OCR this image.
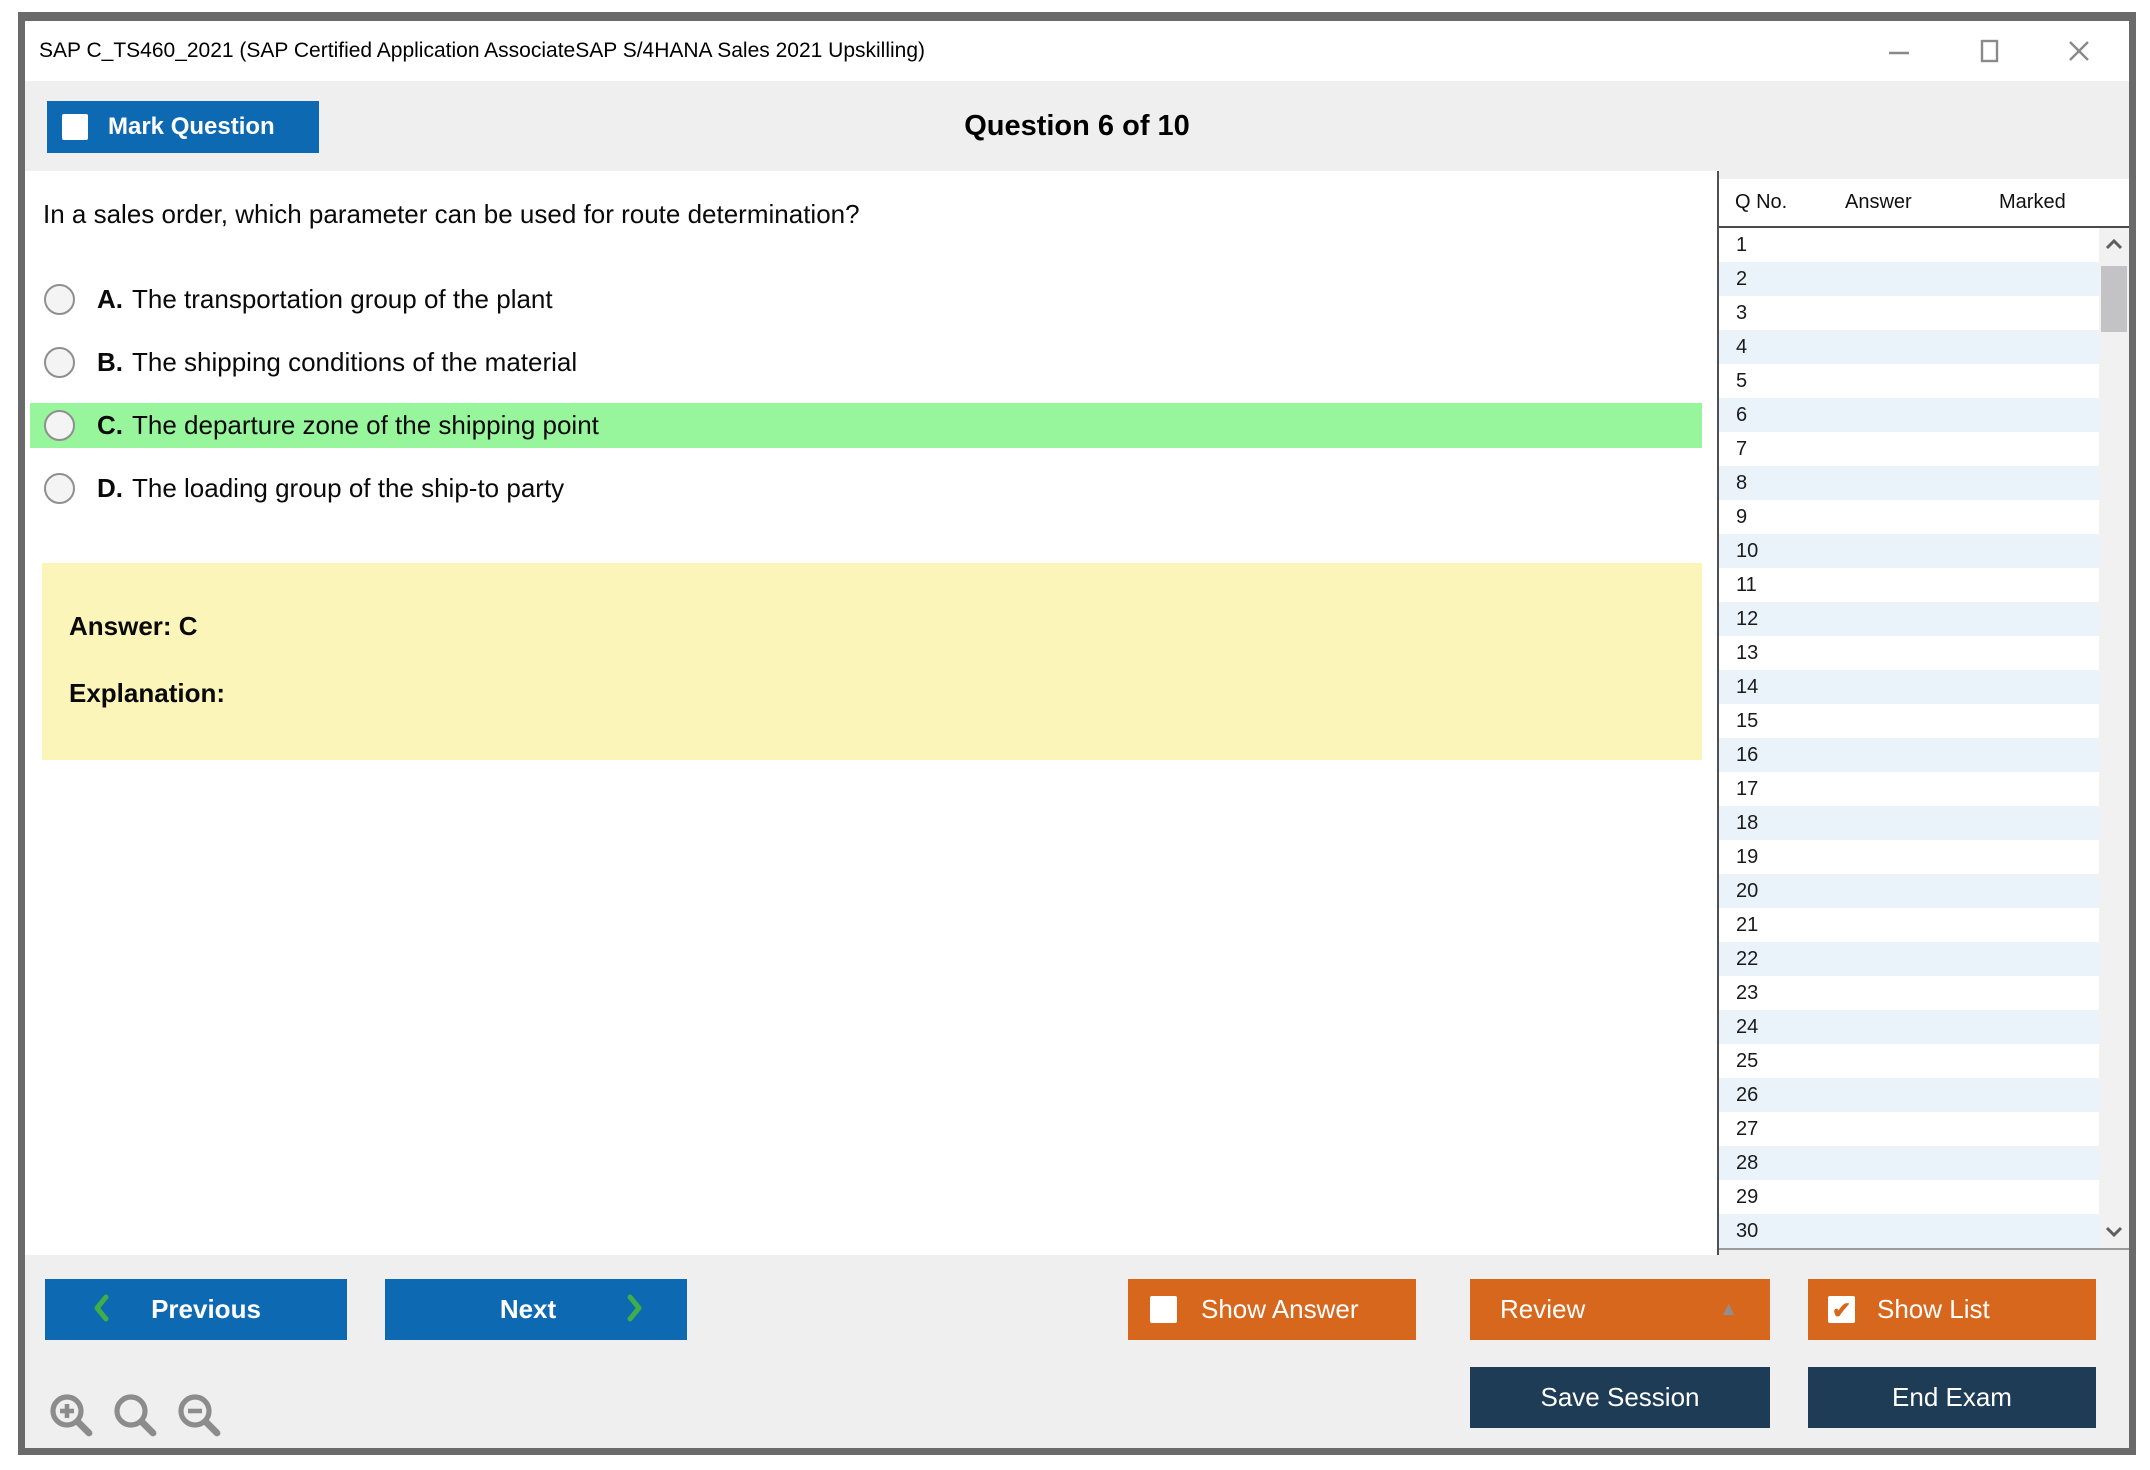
SAP C_TS460_2021 (SAP Certified Application AssociateSAP S/4HANA Sales 2021 Upskilling)
Mark Question	Question 6 of 10
In a sales order, which parameter can be used for route determination?
A. The transportation group of the plant
B. The shipping conditions of the material
C. The departure zone of the shipping point
D. The loading group of the ship-to party
Answer: C
Explanation:
Q No.	Answer	Marked
1
2
3
4
5
6
7
8
9
10
11
12
13
14
15
16
17
18
19
20
21
22
23
24
25
26
27
28
29
30
Previous	Next	Show Answer	Review	▲	✔ Show List
Save Session	End Exam
